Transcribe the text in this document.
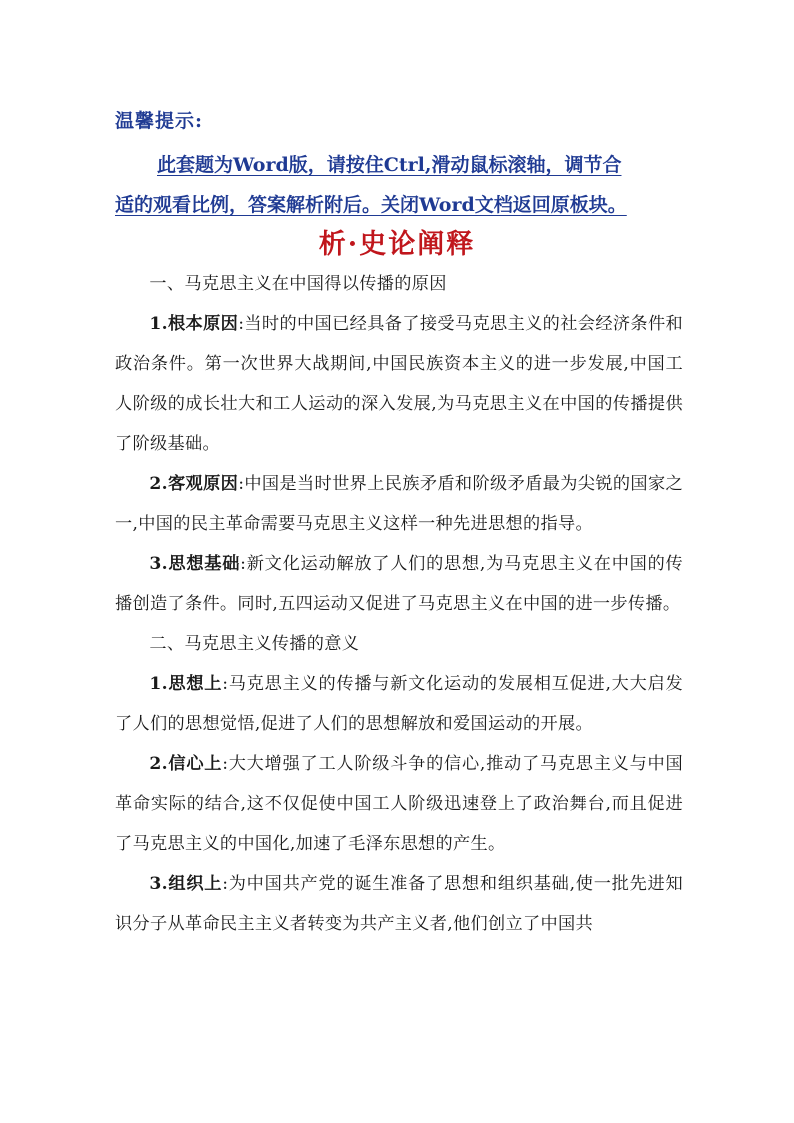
温馨提示:
此套题为Word版，请按住Ctrl,滑动鼠标滚轴，调节合
适的观看比例，答案解析附后。关闭Word文档返回原板块。
析·史论阐释

一、马克思主义在中国得以传播的原因

1.根本原因:当时的中国已经具备了接受马克思主义的社会经济条件和政治条件。第一次世界大战期间,中国民族资本主义的进一步发展,中国工人阶级的成长壮大和工人运动的深入发展,为马克思主义在中国的传播提供了阶级基础。

2.客观原因:中国是当时世界上民族矛盾和阶级矛盾最为尖锐的国家之一,中国的民主革命需要马克思主义这样一种先进思想的指导。

3.思想基础:新文化运动解放了人们的思想,为马克思主义在中国的传播创造了条件。同时,五四运动又促进了马克思主义在中国的进一步传播。

二、马克思主义传播的意义

1.思想上:马克思主义的传播与新文化运动的发展相互促进,大大启发了人们的思想觉悟,促进了人们的思想解放和爱国运动的开展。

2.信心上:大大增强了工人阶级斗争的信心,推动了马克思主义与中国革命实际的结合,这不仅促使中国工人阶级迅速登上了政治舞台,而且促进了马克思主义的中国化,加速了毛泽东思想的产生。

3.组织上:为中国共产党的诞生准备了思想和组织基础,使一批先进知识分子从革命民主主义者转变为共产主义者,他们创立了中国共
